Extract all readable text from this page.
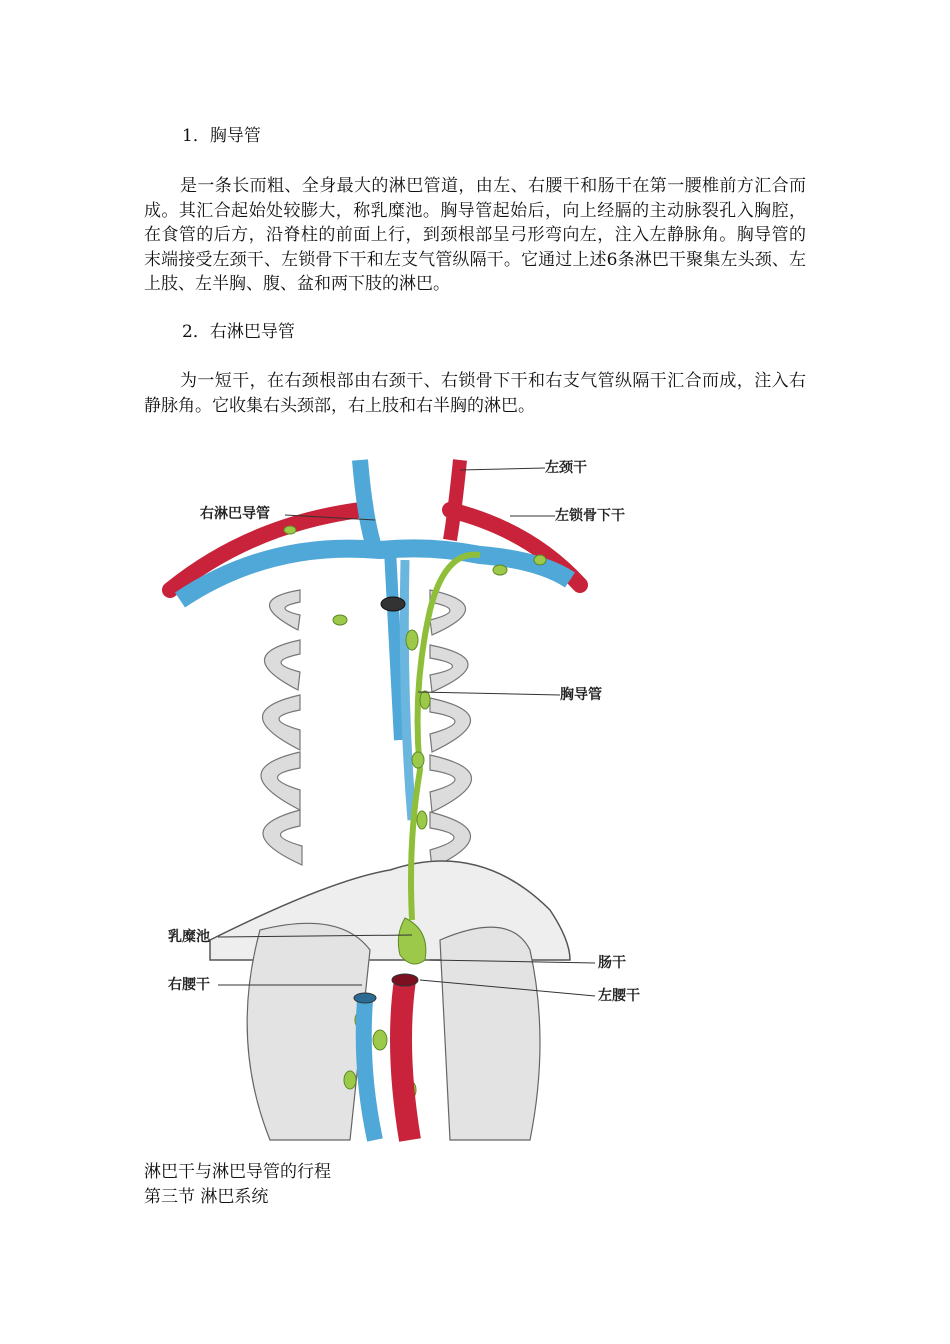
1．胸导管
是一条长而粗、全身最大的淋巴管道，由左、右腰干和肠干在第一腰椎前方汇合而成。其汇合起始处较膨大，称乳糜池。胸导管起始后，向上经膈的主动脉裂孔入胸腔，在食管的后方，沿脊柱的前面上行，到颈根部呈弓形弯向左，注入左静脉角。胸导管的末端接受左颈干、左锁骨下干和左支气管纵隔干。它通过上述6条淋巴干聚集左头颈、左上肢、左半胸、腹、盆和两下肢的淋巴。
2．右淋巴导管
为一短干，在右颈根部由右颈干、右锁骨下干和右支气管纵隔干汇合而成，注入右静脉角。它收集右头颈部，右上肢和右半胸的淋巴。
左颈干
右淋巴导管	左锁骨下干
胸导管
乳糜池
肠干
右腰干
左腰干
淋巴干与淋巴导管的行程
第三节 淋巴系统
